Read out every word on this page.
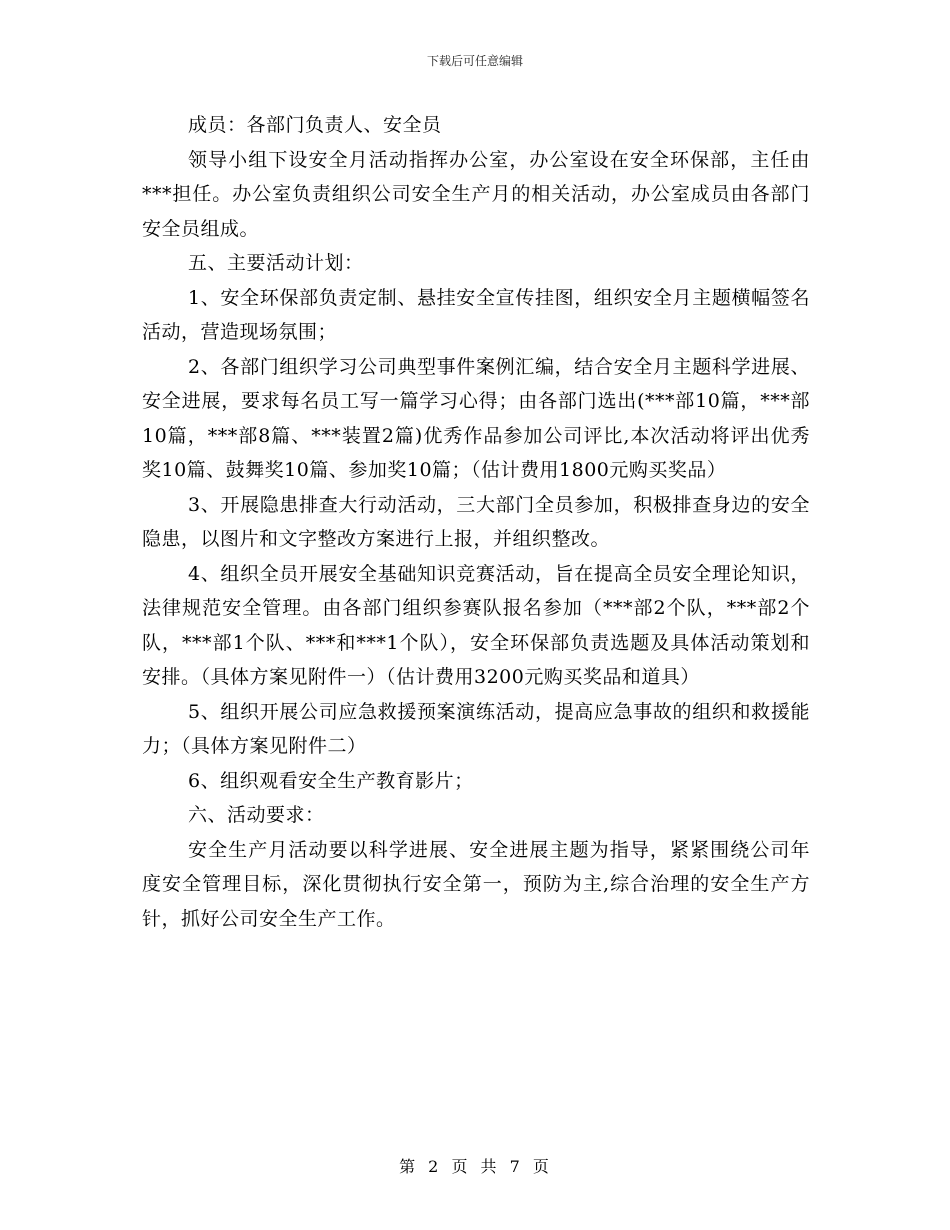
下载后可任意编辑

成员：各部门负责人、安全员

领导小组下设安全月活动指挥办公室，办公室设在安全环保部，主任由***担任。办公室负责组织公司安全生产月的相关活动，办公室成员由各部门安全员组成。

五、主要活动计划：

1、安全环保部负责定制、悬挂安全宣传挂图，组织安全月主题横幅签名活动，营造现场氛围；

2、各部门组织学习公司典型事件案例汇编，结合安全月主题科学进展、安全进展，要求每名员工写一篇学习心得；由各部门选出(***部10篇，***部10篇，***部8篇、***装置2篇)优秀作品参加公司评比,本次活动将评出优秀奖10篇、鼓舞奖10篇、参加奖10篇；（估计费用1800元购买奖品）

3、开展隐患排查大行动活动，三大部门全员参加，积极排查身边的安全隐患，以图片和文字整改方案进行上报，并组织整改。

4、组织全员开展安全基础知识竞赛活动，旨在提高全员安全理论知识，法律规范安全管理。由各部门组织参赛队报名参加（***部2个队，***部2个队，***部1个队、***和***1个队），安全环保部负责选题及具体活动策划和安排。（具体方案见附件一）（估计费用3200元购买奖品和道具）

5、组织开展公司应急救援预案演练活动，提高应急事故的组织和救援能力；（具体方案见附件二）

6、组织观看安全生产教育影片；

六、活动要求：

安全生产月活动要以科学进展、安全进展主题为指导，紧紧围绕公司年度安全管理目标，深化贯彻执行安全第一，预防为主,综合治理的安全生产方针，抓好公司安全生产工作。

第 2 页 共 7 页
